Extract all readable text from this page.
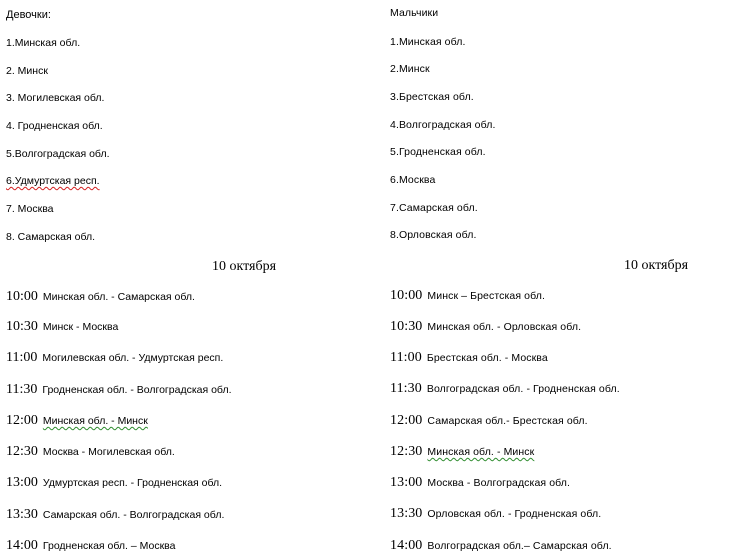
Девочки:
1.Минская обл.
2. Минск
3. Могилевская обл.
4. Гродненская обл.
5.Волгоградская обл.
6.Удмуртская респ.
7. Москва
8. Самарская обл.
10 октября
10:00 Минская обл. - Самарская обл.
10:30 Минск - Москва
11:00 Могилевская обл. - Удмуртская респ.
11:30 Гродненская обл. - Волгоградская обл.
12:00 Минская обл. - Минск
12:30 Москва - Могилевская обл.
13:00 Удмуртская респ. - Гродненская обл.
13:30 Самарская обл. - Волгоградская обл.
14:00 Гродненская обл. – Москва
Мальчики
1.Минская обл.
2.Минск
3.Брестская обл.
4.Волгоградская обл.
5.Гродненская обл.
6.Москва
7.Самарская обл.
8.Орловская обл.
10 октября
10:00 Минск – Брестская обл.
10:30 Минская обл. - Орловская обл.
11:00 Брестская обл. - Москва
11:30 Волгоградская обл. - Гродненская обл.
12:00 Самарская обл.- Брестская обл.
12:30 Минская обл. - Минск
13:00 Москва - Волгоградская обл.
13:30 Орловская обл. - Гродненская обл.
14:00 Волгоградская обл.– Самарская обл.
